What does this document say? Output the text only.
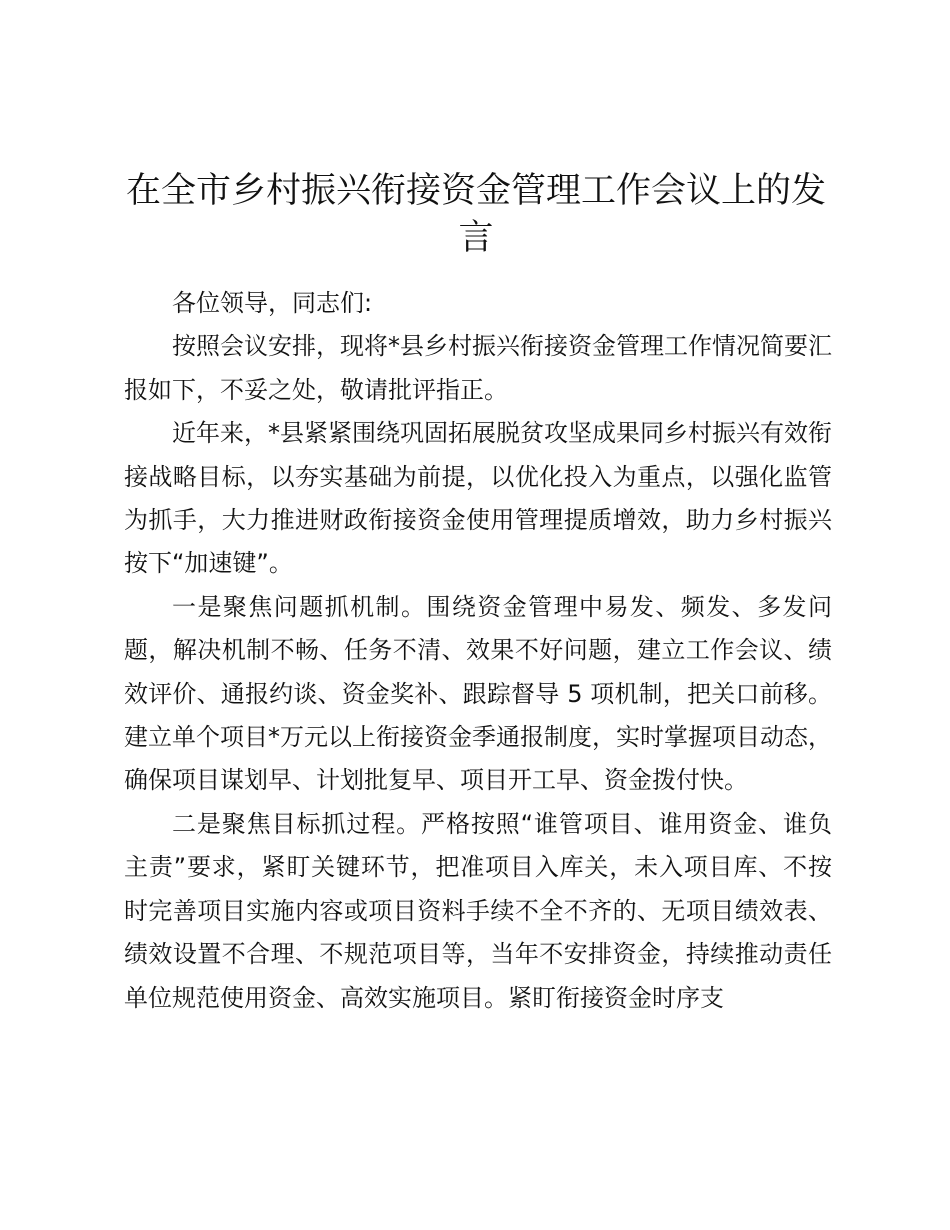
在全市乡村振兴衔接资金管理工作会议上的发言

各位领导，同志们:

按照会议安排，现将*县乡村振兴衔接资金管理工作情况简要汇报如下，不妥之处，敬请批评指正。

近年来，*县紧紧围绕巩固拓展脱贫攻坚成果同乡村振兴有效衔接战略目标，以夯实基础为前提，以优化投入为重点，以强化监管为抓手，大力推进财政衔接资金使用管理提质增效，助力乡村振兴按下“加速键”。

一是聚焦问题抓机制。围绕资金管理中易发、频发、多发问题，解决机制不畅、任务不清、效果不好问题，建立工作会议、绩效评价、通报约谈、资金奖补、跟踪督导 5 项机制，把关口前移。建立单个项目*万元以上衔接资金季通报制度，实时掌握项目动态，确保项目谋划早、计划批复早、项目开工早、资金拨付快。

二是聚焦目标抓过程。严格按照“谁管项目、谁用资金、谁负主责”要求，紧盯关键环节，把准项目入库关，未入项目库、不按时完善项目实施内容或项目资料手续不全不齐的、无项目绩效表、绩效设置不合理、不规范项目等，当年不安排资金，持续推动责任单位规范使用资金、高效实施项目。紧盯衔接资金时序支
